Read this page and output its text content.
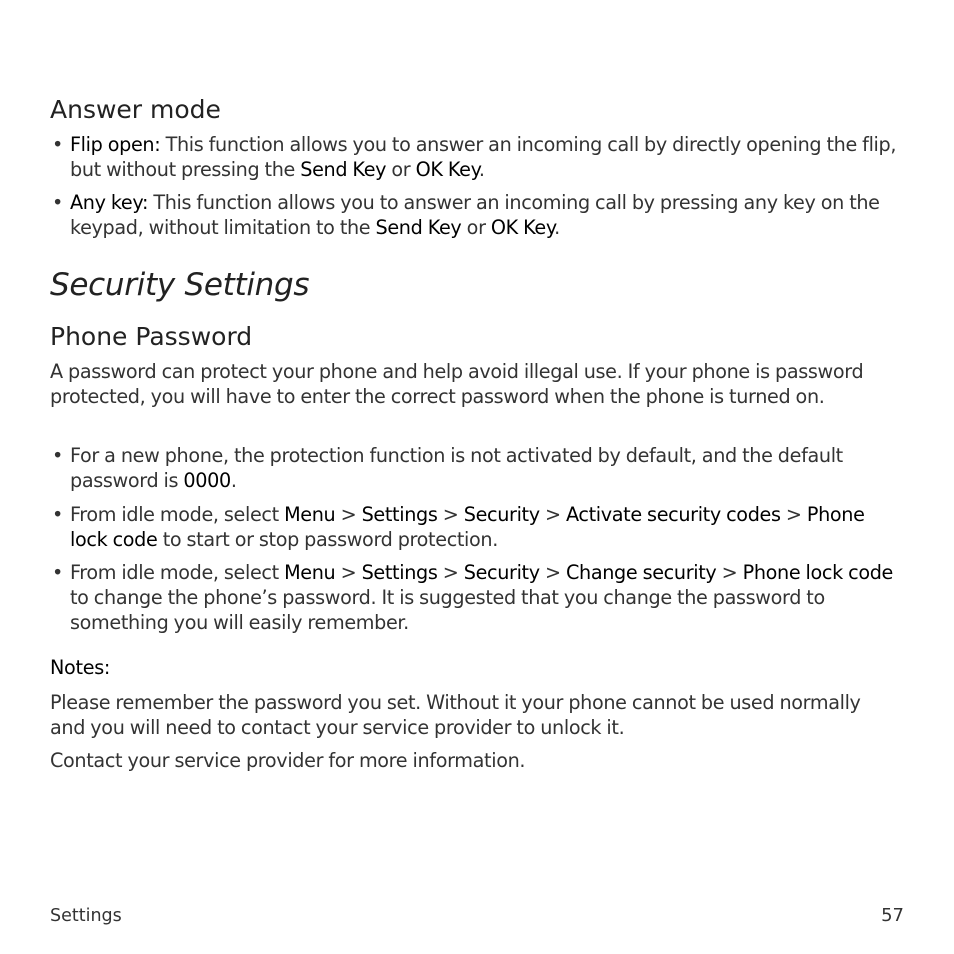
Answer mode
• Flip open: This function allows you to answer an incoming call by directly opening the flip, but without pressing the Send Key or OK Key.
• Any key: This function allows you to answer an incoming call by pressing any key on the keypad, without limitation to the Send Key or OK Key.
Security Settings
Phone Password
A password can protect your phone and help avoid illegal use. If your phone is password protected, you will have to enter the correct password when the phone is turned on.
• For a new phone, the protection function is not activated by default, and the default password is 0000.
• From idle mode, select Menu > Settings > Security > Activate security codes > Phone lock code to start or stop password protection.
• From idle mode, select Menu > Settings > Security > Change security > Phone lock code to change the phone’s password. It is suggested that you change the password to something you will easily remember.
Notes:
Please remember the password you set. Without it your phone cannot be used normally and you will need to contact your service provider to unlock it.
Contact your service provider for more information.
Settings	57
